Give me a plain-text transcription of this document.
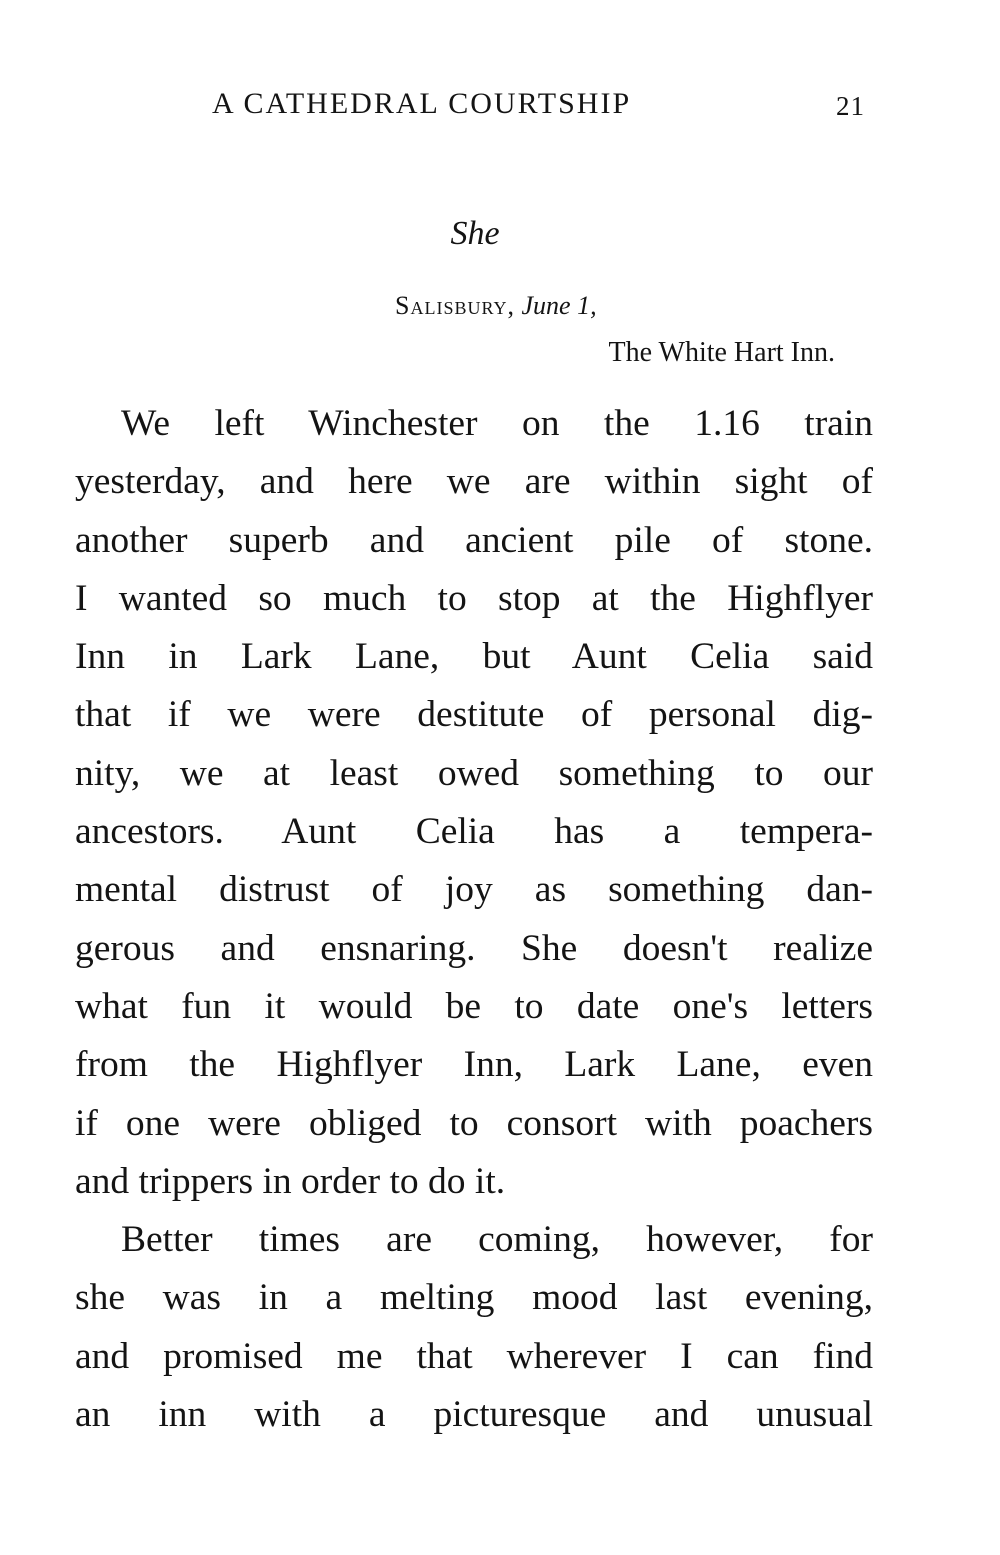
A CATHEDRAL COURTSHIP	21
She
Salisbury, June 1,
The White Hart Inn.

We left Winchester on the 1.16 train
yesterday, and here we are within sight of
another superb and ancient pile of stone.
I wanted so much to stop at the Highflyer
Inn in Lark Lane, but Aunt Celia said
that if we were destitute of personal dig-
nity, we at least owed something to our
ancestors. Aunt Celia has a tempera-
mental distrust of joy as something dan-
gerous and ensnaring. She doesn't realize
what fun it would be to date one's letters
from the Highflyer Inn, Lark Lane, even
if one were obliged to consort with poachers
and trippers in order to do it.

Better times are coming, however, for
she was in a melting mood last evening,
and promised me that wherever I can find
an inn with a picturesque and unusual
